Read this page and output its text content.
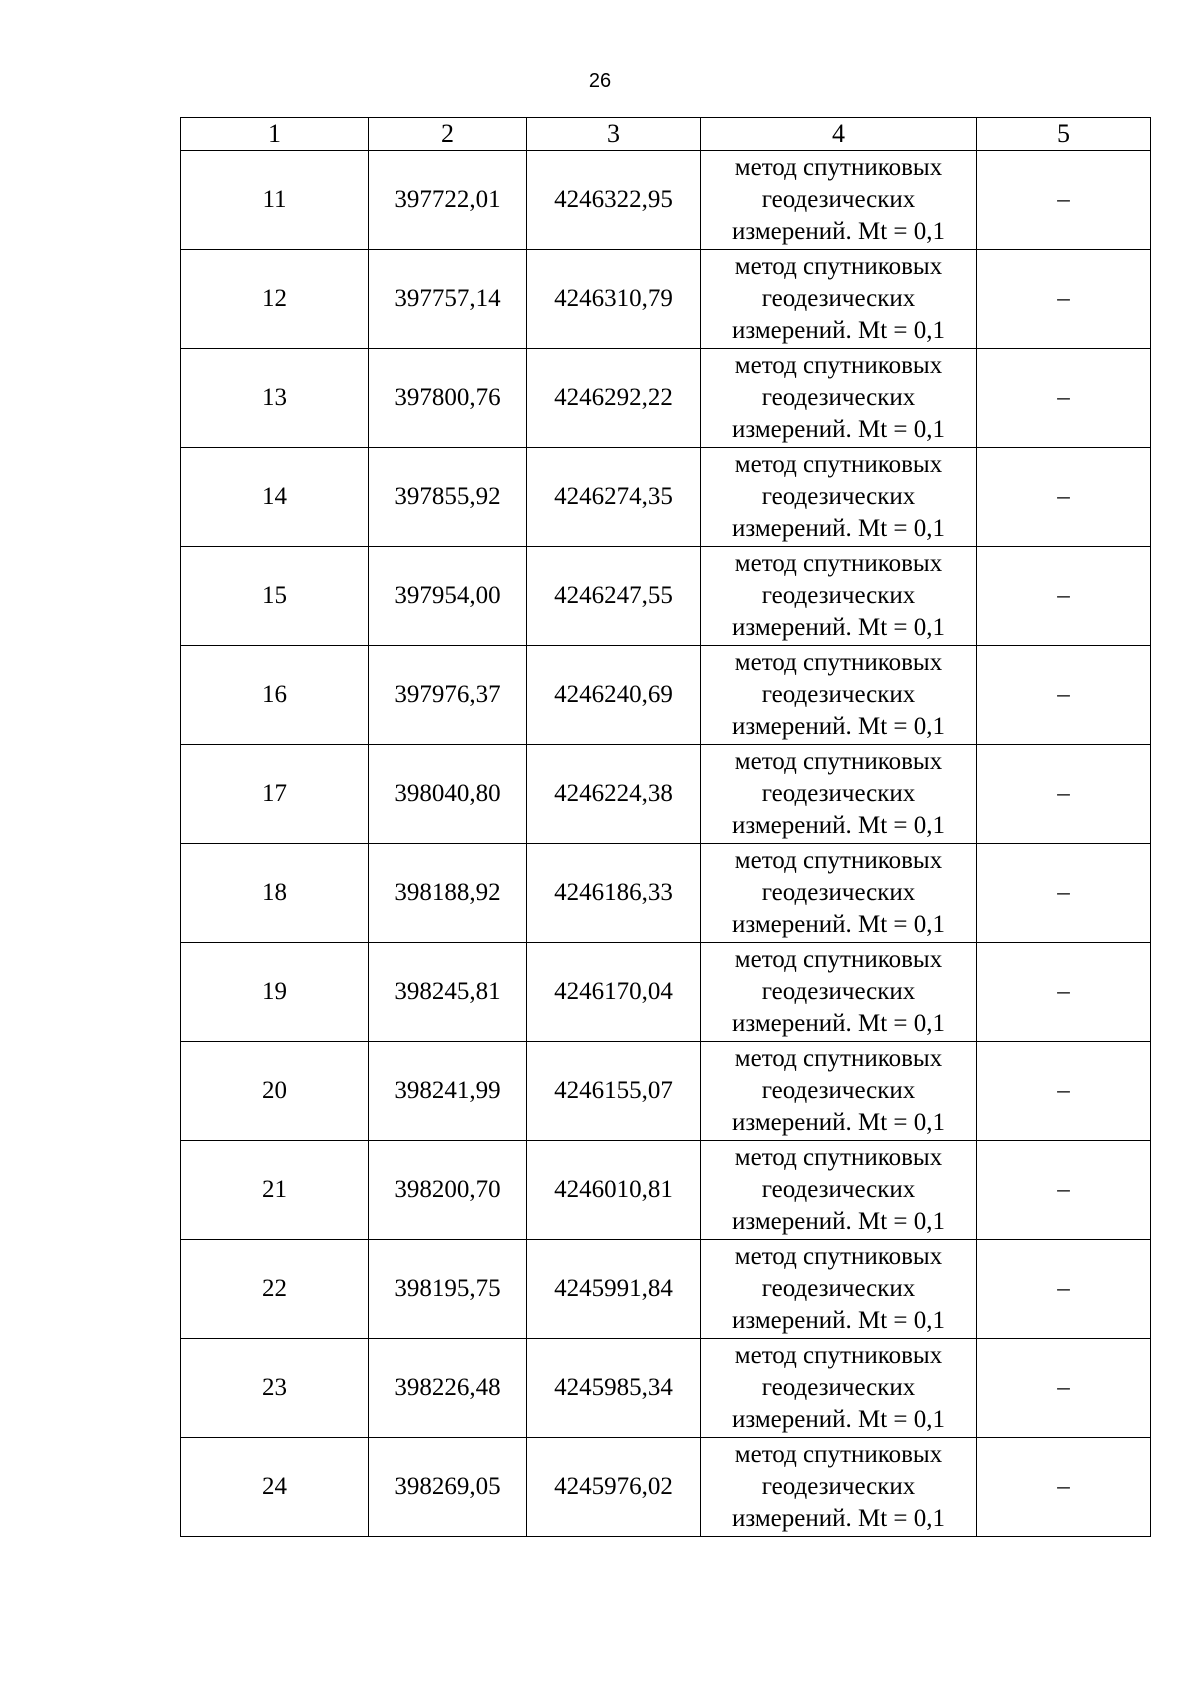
26
1	2	3	4	5
11	397722,01	4246322,95	метод спутниковых
геодезических
измерений. Mt = 0,1	–
12	397757,14	4246310,79	метод спутниковых
геодезических
измерений. Mt = 0,1	–
13	397800,76	4246292,22	метод спутниковых
геодезических
измерений. Mt = 0,1	–
14	397855,92	4246274,35	метод спутниковых
геодезических
измерений. Mt = 0,1	–
15	397954,00	4246247,55	метод спутниковых
геодезических
измерений. Mt = 0,1	–
16	397976,37	4246240,69	метод спутниковых
геодезических
измерений. Mt = 0,1	–
17	398040,80	4246224,38	метод спутниковых
геодезических
измерений. Mt = 0,1	–
18	398188,92	4246186,33	метод спутниковых
геодезических
измерений. Mt = 0,1	–
19	398245,81	4246170,04	метод спутниковых
геодезических
измерений. Mt = 0,1	–
20	398241,99	4246155,07	метод спутниковых
геодезических
измерений. Mt = 0,1	–
21	398200,70	4246010,81	метод спутниковых
геодезических
измерений. Mt = 0,1	–
22	398195,75	4245991,84	метод спутниковых
геодезических
измерений. Mt = 0,1	–
23	398226,48	4245985,34	метод спутниковых
геодезических
измерений. Mt = 0,1	–
24	398269,05	4245976,02	метод спутниковых
геодезических
измерений. Mt = 0,1	–
